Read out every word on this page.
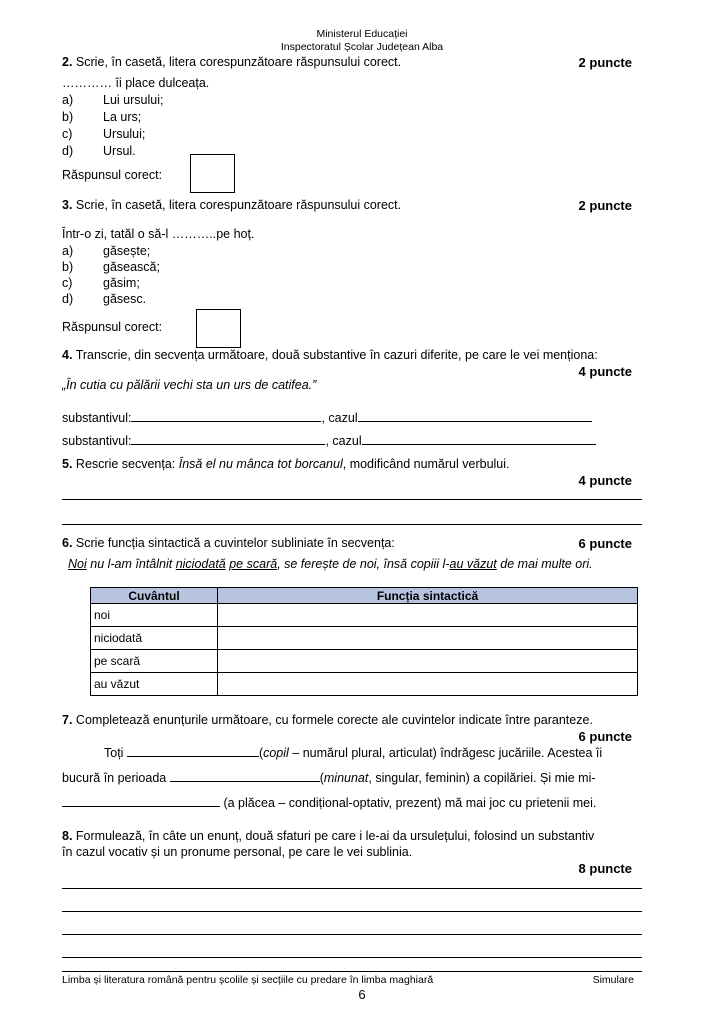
Ministerul Educației
Inspectoratul Școlar Județean Alba
2. Scrie, în casetă, litera corespunzătoare răspunsului corect.	2 puncte
………… îi place dulceața.
a) Lui ursului;
b) La urs;
c) Ursului;
d) Ursul.
Răspunsul corect:
3. Scrie, în casetă, litera corespunzătoare răspunsului corect.	2 puncte
Într-o zi, tatăl o să-l ………..pe hoț.
a) găsește;
b) găsească;
c) găsim;
d) găsesc.
Răspunsul corect:
4. Transcrie, din secvența următoare, două substantive în cazuri diferite, pe care le vei menționa:
4 puncte
„În cutia cu pălării vechi sta un urs de catifea.”
substantivul:	, cazul
substantivul:	, cazul
5. Rescrie secvența: Însă el nu mânca tot borcanul, modificând numărul verbului.
4 puncte
6. Scrie funcția sintactică a cuvintelor subliniate în secvența:	6 puncte
Noi nu l-am întâlnit niciodată pe scară, se ferește de noi, însă copiii l-au văzut de mai multe ori.
Cuvântul	Funcția sintactică
noi	
niciodată	
pe scară	
au văzut	
7. Completează enunțurile următoare, cu formele corecte ale cuvintelor indicate între paranteze.
6 puncte
Toți	(copil – numărul plural, articulat) îndrăgesc jucăriile. Acestea îi
bucură în perioada	(minunat, singular, feminin) a copilăriei. Și mie mi-
(a plăcea – condițional-optativ, prezent) mă mai joc cu prietenii mei.
8. Formulează, în câte un enunț, două sfaturi pe care i le-ai da ursulețului, folosind un substantiv
în cazul vocativ și un pronume personal, pe care le vei sublinia.
8 puncte
Limba și literatura română pentru școlile și secțiile cu predare în limba maghiară	Simulare
6
